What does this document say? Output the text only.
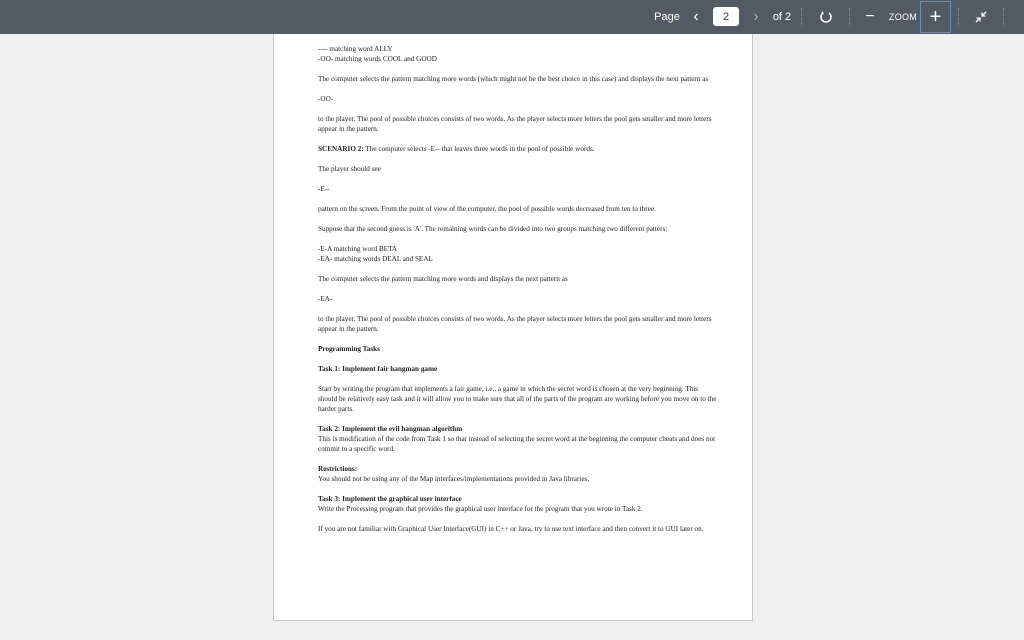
Page ‹	2	›	of 2	−	ZOOM +

---- matching word ALLY

-OO- matching words COOL and GOOD

The computer selects the pattern matching more words (which might not be the best choice in this case) and displays the next pattern as

-OO-

to the player. The pool of possible choices consists of two words. As the player selects more letters the pool gets smaller and more letters appear in the pattern.

SCENARIO 2: The computer selects -E-- that leaves three words in the pool of possible words.

The player should see

-E--

pattern on the screen. From the point of view of the computer, the pool of possible words decreased from ten to three.

Suppose that the second guess is 'A'. The remaining words can be divided into two groups matching two different patters:

-E-A matching word BETA

-EA- matching words DEAL and SEAL

The computer selects the pattern matching more words and displays the next pattern as

-EA-

to the player. The pool of possible choices consists of two words. As the player selects more letters the pool gets smaller and more letters appear in the pattern.

Programming Tasks

Task 1: Implement fair hangman game

Start by writing the program that implements a fair game, i.e., a game in which the secret word is chosen at the very beginning. This should be relatively easy task and it will allow you to make sure that all of the parts of the program are working before you move on to the harder parts.

Task 2: Implement the evil hangman algorithm

This is modification of the code from Task 1 so that instead of selecting the secret word at the beginning the computer cheats and does not commit to a specific word.

Restrictions:

You should not be using any of the Map interfaces/implementations provided in Java libraries.

Task 3: Implement the graphical user interface

Write the Processing program that provides the graphical user interface for the program that you wrote in Task 2.

If you are not familiar with Graphical User Interface(GUI) in C++ or Java, try to use text interface and then convert it to GUI later on.
